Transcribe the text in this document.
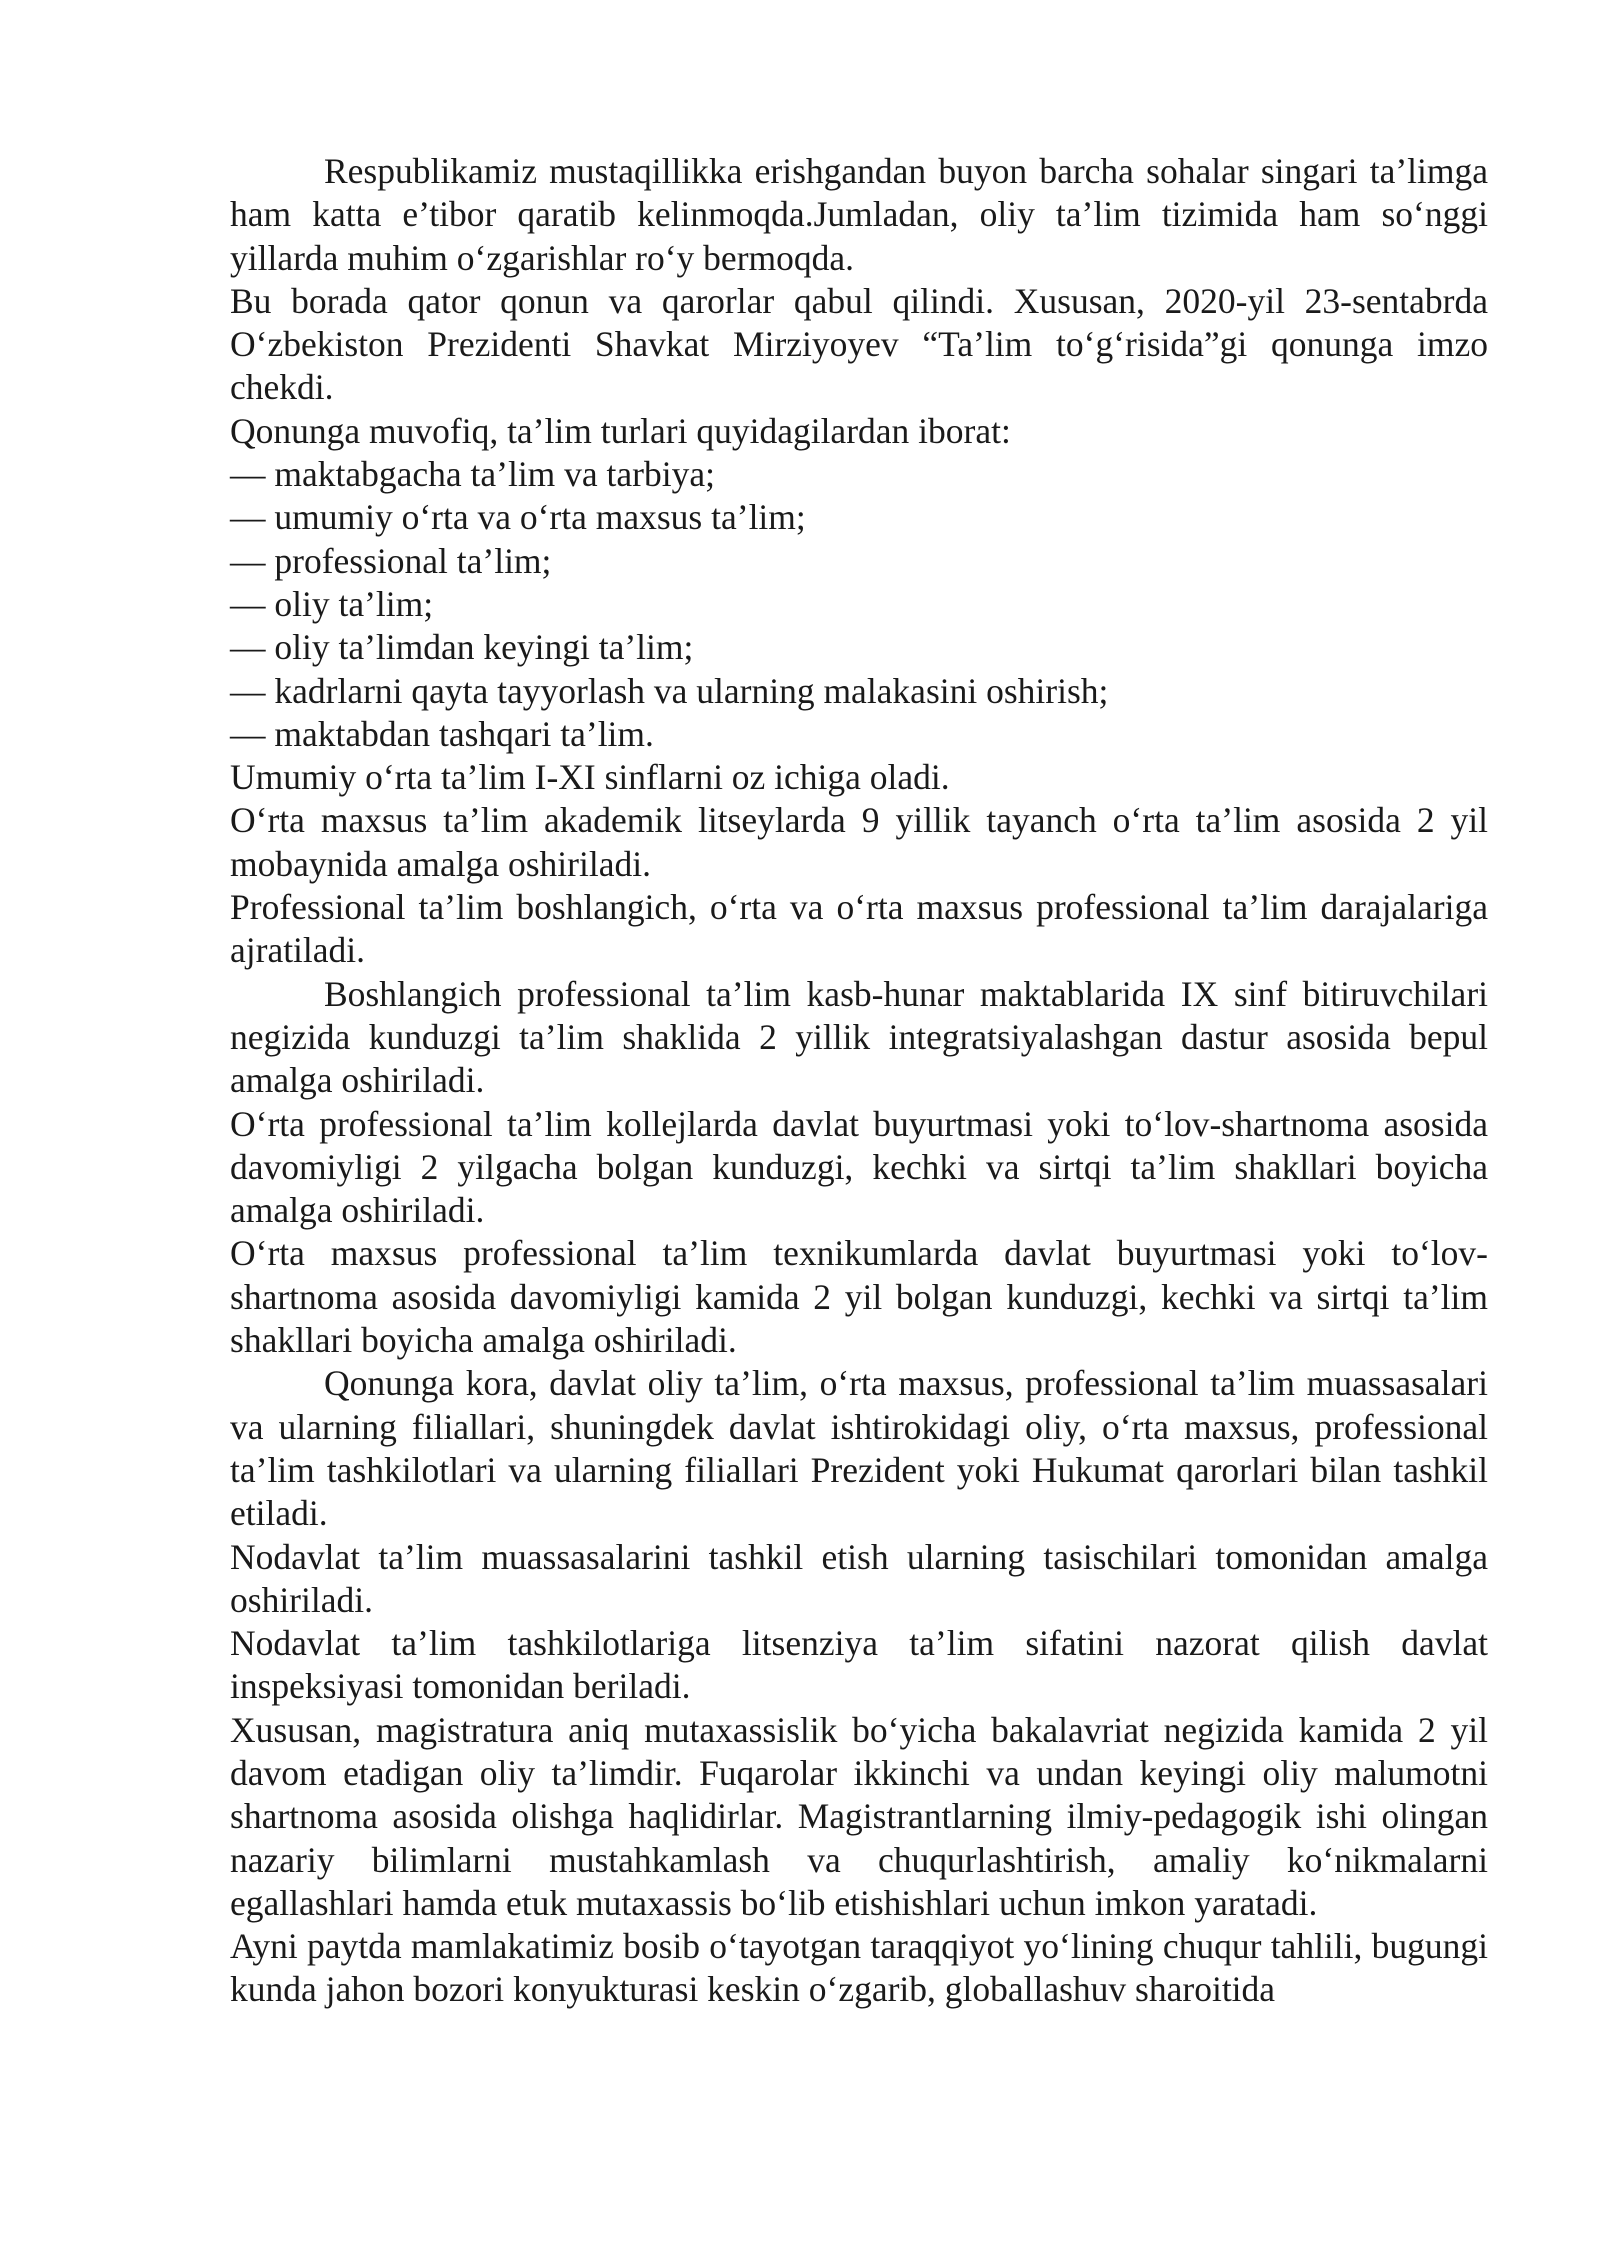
Respublikamiz mustaqillikka erishgandan buyon barcha sohalar singari ta’limga ham katta e’tibor qaratib kelinmoqda.Jumladan, oliy ta’lim tizimida ham so‘nggi yillarda muhim o‘zgarishlar ro‘y bermoqda.

Bu borada qator qonun va qarorlar qabul qilindi. Xususan, 2020-yil 23-sentabrda O‘zbekiston Prezidenti Shavkat Mirziyoyev “Ta’lim to‘g‘risida”gi qonunga imzo chekdi.

Qonunga muvofiq, ta’lim turlari quyidagilardan iborat:

— maktabgacha ta’lim va tarbiya;
— umumiy o‘rta va o‘rta maxsus ta’lim;
— professional ta’lim;
— oliy ta’lim;
— oliy ta’limdan keyingi ta’lim;
— kadrlarni qayta tayyorlash va ularning malakasini oshirish;
— maktabdan tashqari ta’lim.

Umumiy o‘rta ta’lim I-XI sinflarni oz ichiga oladi.

O‘rta maxsus ta’lim akademik litseylarda 9 yillik tayanch o‘rta ta’lim asosida 2 yil mobaynida amalga oshiriladi.

Professional ta’lim boshlangich, o‘rta va o‘rta maxsus professional ta’lim darajalariga ajratiladi.

Boshlangich professional ta’lim kasb-hunar maktablarida IX sinf bitiruvchilari negizida kunduzgi ta’lim shaklida 2 yillik integratsiyalashgan dastur asosida bepul amalga oshiriladi.

O‘rta professional ta’lim kollejlarda davlat buyurtmasi yoki to‘lov-shartnoma asosida davomiyligi 2 yilgacha bolgan kunduzgi, kechki va sirtqi ta’lim shakllari boyicha amalga oshiriladi.

O‘rta maxsus professional ta’lim texnikumlarda davlat buyurtmasi yoki to‘lov-shartnoma asosida davomiyligi kamida 2 yil bolgan kunduzgi, kechki va sirtqi ta’lim shakllari boyicha amalga oshiriladi.

Qonunga kora, davlat oliy ta’lim, o‘rta maxsus, professional ta’lim muassasalari va ularning filiallari, shuningdek davlat ishtirokidagi oliy, o‘rta maxsus, professional ta’lim tashkilotlari va ularning filiallari Prezident yoki Hukumat qarorlari bilan tashkil etiladi.

Nodavlat ta’lim muassasalarini tashkil etish ularning tasischilari tomonidan amalga oshiriladi.

Nodavlat ta’lim tashkilotlariga litsenziya ta’lim sifatini nazorat qilish davlat inspeksiyasi tomonidan beriladi.

Xususan, magistratura aniq mutaxassislik bo‘yicha bakalavriat negizida kamida 2 yil davom etadigan oliy ta’limdir. Fuqarolar ikkinchi va undan keyingi oliy malumotni shartnoma asosida olishga haqlidirlar. Magistrantlarning ilmiy-pedagogik ishi olingan nazariy bilimlarni mustahkamlash va chuqurlashtirish, amaliy ko‘nikmalarni egallashlari hamda etuk mutaxassis bo‘lib etishishlari uchun imkon yaratadi.

Ayni paytda mamlakatimiz bosib o‘tayotgan taraqqiyot yo‘lining chuqur tahlili, bugungi kunda jahon bozori konyukturasi keskin o‘zgarib, globallashuv sharoitida
